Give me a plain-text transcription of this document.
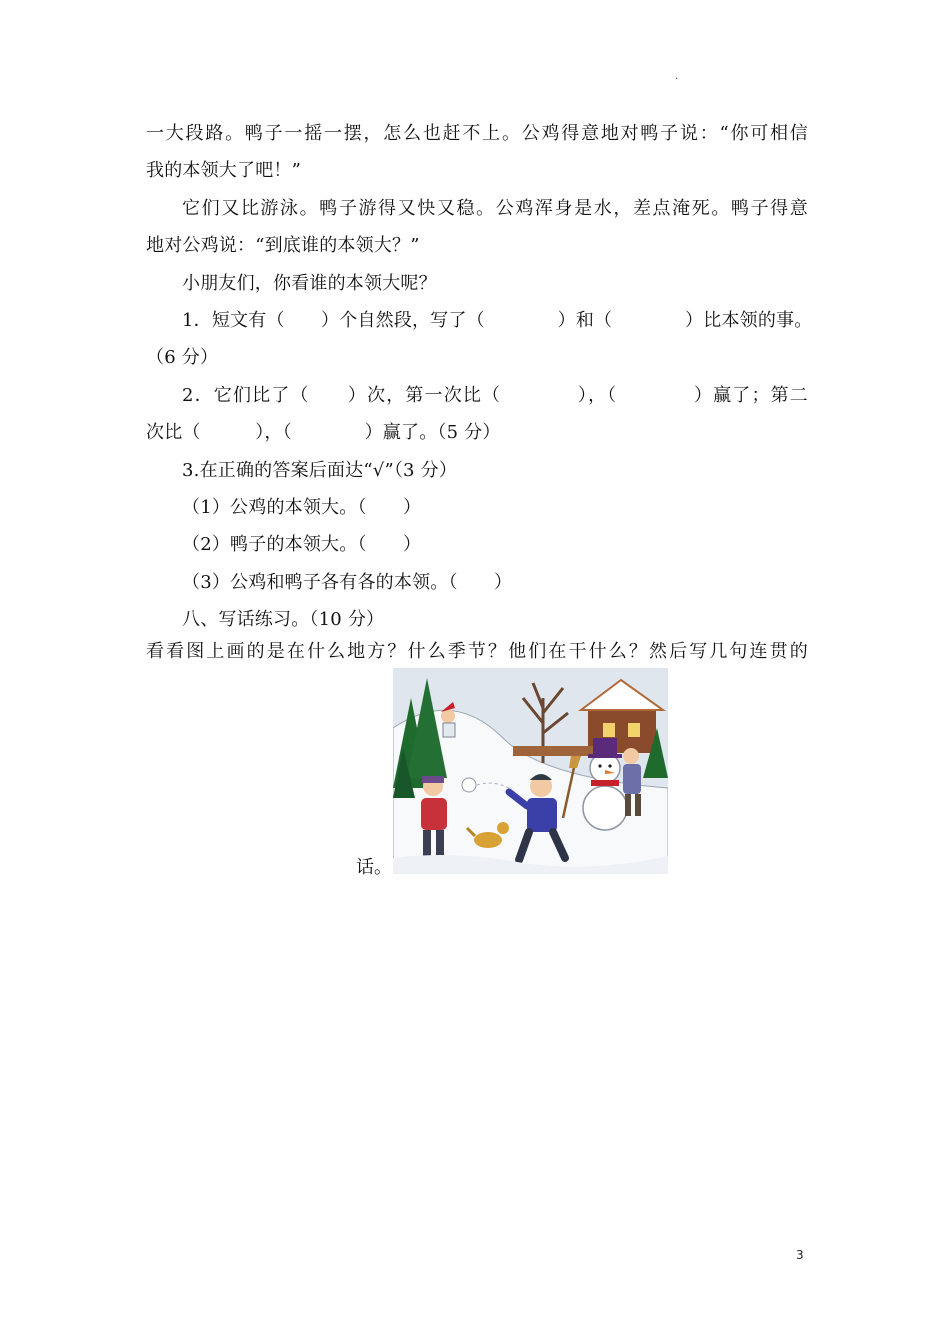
.
一大段路。鸭子一摇一摆，怎么也赶不上。公鸡得意地对鸭子说：“你可相信
我的本领大了吧！”
它们又比游泳。鸭子游得又快又稳。公鸡浑身是水，差点淹死。鸭子得意
地对公鸡说：“到底谁的本领大？”
小朋友们，你看谁的本领大呢？
1．短文有（　　）个自然段，写了（　　　　）和（　　　　）比本领的事。
（6 分）
2．它们比了（　　）次，第一次比（　　　　），（　　　　）赢了；第二
次比（　　　），（　　　　）赢了。（5 分）
3.在正确的答案后面达“√”（3 分）
（1）公鸡的本领大。（　　）
（2）鸭子的本领大。（　　）
（3）公鸡和鸭子各有各的本领。（　　）
八、写话练习。（10 分）
看看图上画的是在什么地方？什么季节？他们在干什么？然后写几句连贯的
话。
3
